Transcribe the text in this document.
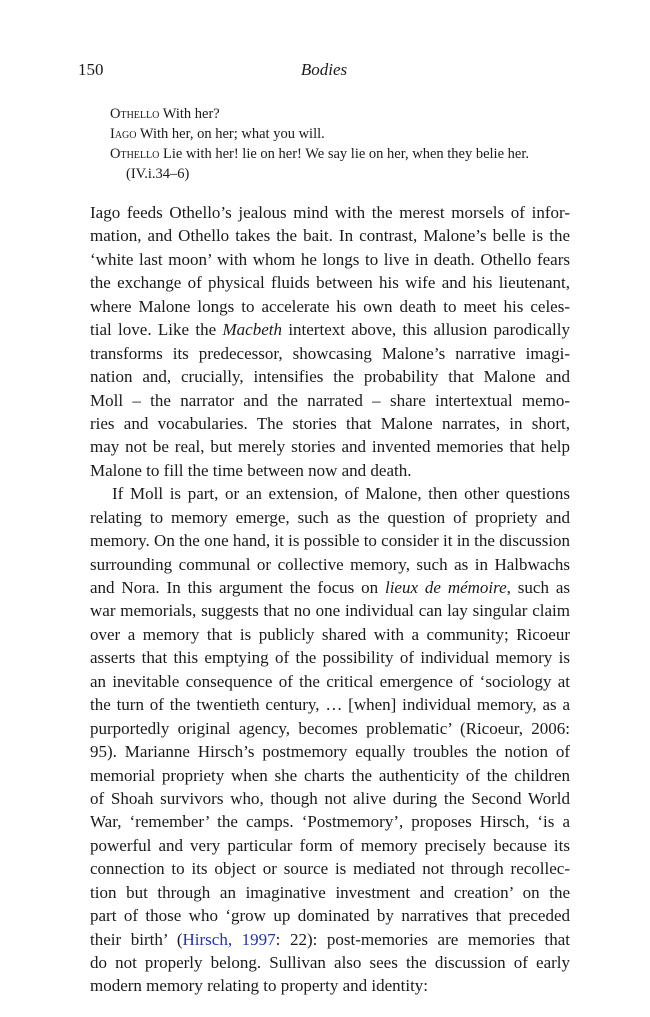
150	Bodies

Othello With her?

Iago With her, on her; what you will.

Othello Lie with her! lie on her! We say lie on her, when they belie her. (IV.i.34–6)

Iago feeds Othello’s jealous mind with the merest morsels of infor-
mation, and Othello takes the bait. In contrast, Malone’s belle is the
‘white last moon’ with whom he longs to live in death. Othello fears
the exchange of physical fluids between his wife and his lieutenant,
where Malone longs to accelerate his own death to meet his celes-
tial love. Like the Macbeth intertext above, this allusion parodically
transforms its predecessor, showcasing Malone’s narrative imagi-
nation and, crucially, intensifies the probability that Malone and
Moll – the narrator and the narrated – share intertextual memo-
ries and vocabularies. The stories that Malone narrates, in short,
may not be real, but merely stories and invented memories that help
Malone to fill the time between now and death.
If Moll is part, or an extension, of Malone, then other questions
relating to memory emerge, such as the question of propriety and
memory. On the one hand, it is possible to consider it in the discussion
surrounding communal or collective memory, such as in Halbwachs
and Nora. In this argument the focus on lieux de mémoire, such as
war memorials, suggests that no one individual can lay singular claim
over a memory that is publicly shared with a community; Ricoeur
asserts that this emptying of the possibility of individual memory is
an inevitable consequence of the critical emergence of ‘sociology at
the turn of the twentieth century, … [when] individual memory, as a
purportedly original agency, becomes problematic’ (Ricoeur, 2006:
95). Marianne Hirsch’s postmemory equally troubles the notion of
memorial propriety when she charts the authenticity of the children
of Shoah survivors who, though not alive during the Second World
War, ‘remember’ the camps. ‘Postmemory’, proposes Hirsch, ‘is a
powerful and very particular form of memory precisely because its
connection to its object or source is mediated not through recollec-
tion but through an imaginative investment and creation’ on the
part of those who ‘grow up dominated by narratives that preceded
their birth’ (Hirsch, 1997: 22): post-memories are memories that
do not properly belong. Sullivan also sees the discussion of early
modern memory relating to property and identity:
